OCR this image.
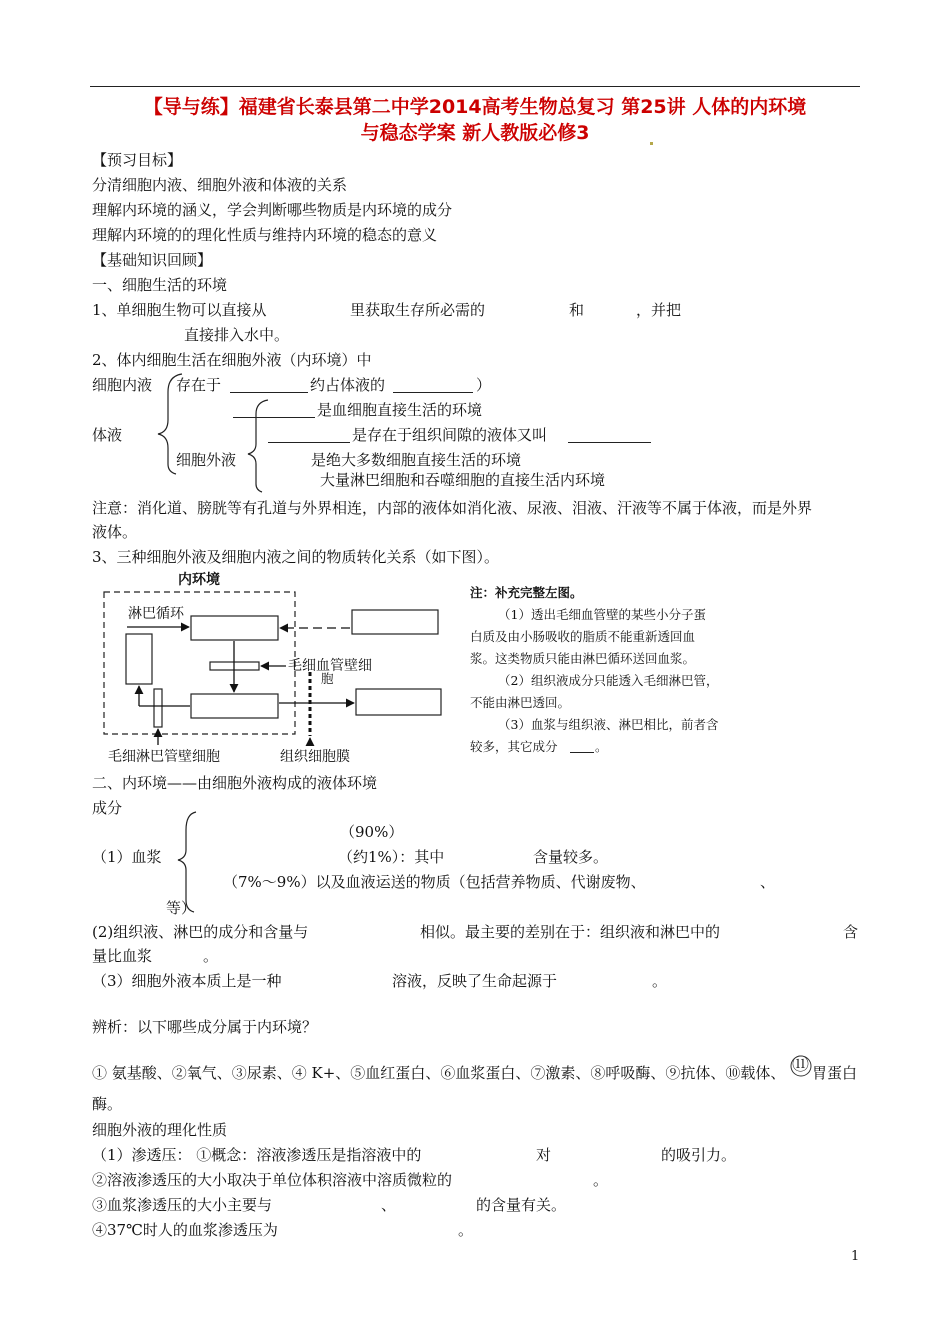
【导与练】福建省长泰县第二中学2014高考生物总复习 第25讲 人体的内环境
与稳态学案 新人教版必修3
【预习目标】
分清细胞内液、细胞外液和体液的关系
理解内环境的涵义，学会判断哪些物质是内环境的成分
理解内环境的的理化性质与维持内环境的稳态的意义
【基础知识回顾】
一、细胞生活的环境
1、单细胞生物可以直接从	里获取生存所必需的	和	，并把
直接排入水中。
2、体内细胞生活在细胞外液（内环境）中
细胞内液 存在于	约占体液的	）
是血细胞直接生活的环境
体液	是存在于组织间隙的液体又叫
细胞外液	是绝大多数细胞直接生活的环境
大量淋巴细胞和吞噬细胞的直接生活内环境
注意：消化道、膀胱等有孔道与外界相连，内部的液体如消化液、尿液、泪液、汗液等不属于体液，而是外界
液体。
3、三种细胞外液及细胞内液之间的物质转化关系（如下图）。
内环境
淋巴循环
毛细血管壁细
胞
毛细淋巴管壁细胞	组织细胞膜
注：补充完整左图。
（1）透出毛细血管壁的某些小分子蛋
白质及由小肠吸收的脂质不能重新透回血
浆。这类物质只能由淋巴循环送回血浆。
（2）组织液成分只能透入毛细淋巴管，
不能由淋巴透回。
（3）血浆与组织液、淋巴相比，前者含
较多，其它成分	。
二、内环境——由细胞外液构成的液体环境
成分
（90%）
（1）血浆	（约1%）：其中	含量较多。
（7%～9%）以及血液运送的物质（包括营养物质、代谢废物、	、
等）
(2)组织液、淋巴的成分和含量与	相似。最主要的差别在于：组织液和淋巴中的	含
量比血浆	。
（3）细胞外液本质上是一种	溶液，反映了生命起源于	。
辨析：以下哪些成分属于内环境？
① 氨基酸、②氧气、③尿素、④ K+、⑤血红蛋白、⑥血浆蛋白、⑦激素、⑧呼吸酶、⑨抗体、⑩载体、 ⑪ 胃蛋白
酶。
细胞外液的理化性质
（1）渗透压： ①概念：溶液渗透压是指溶液中的	对	的吸引力。
②溶液渗透压的大小取决于单位体积溶液中溶质微粒的	。
③血浆渗透压的大小主要与	、	的含量有关。
④37℃时人的血浆渗透压为	。
1
